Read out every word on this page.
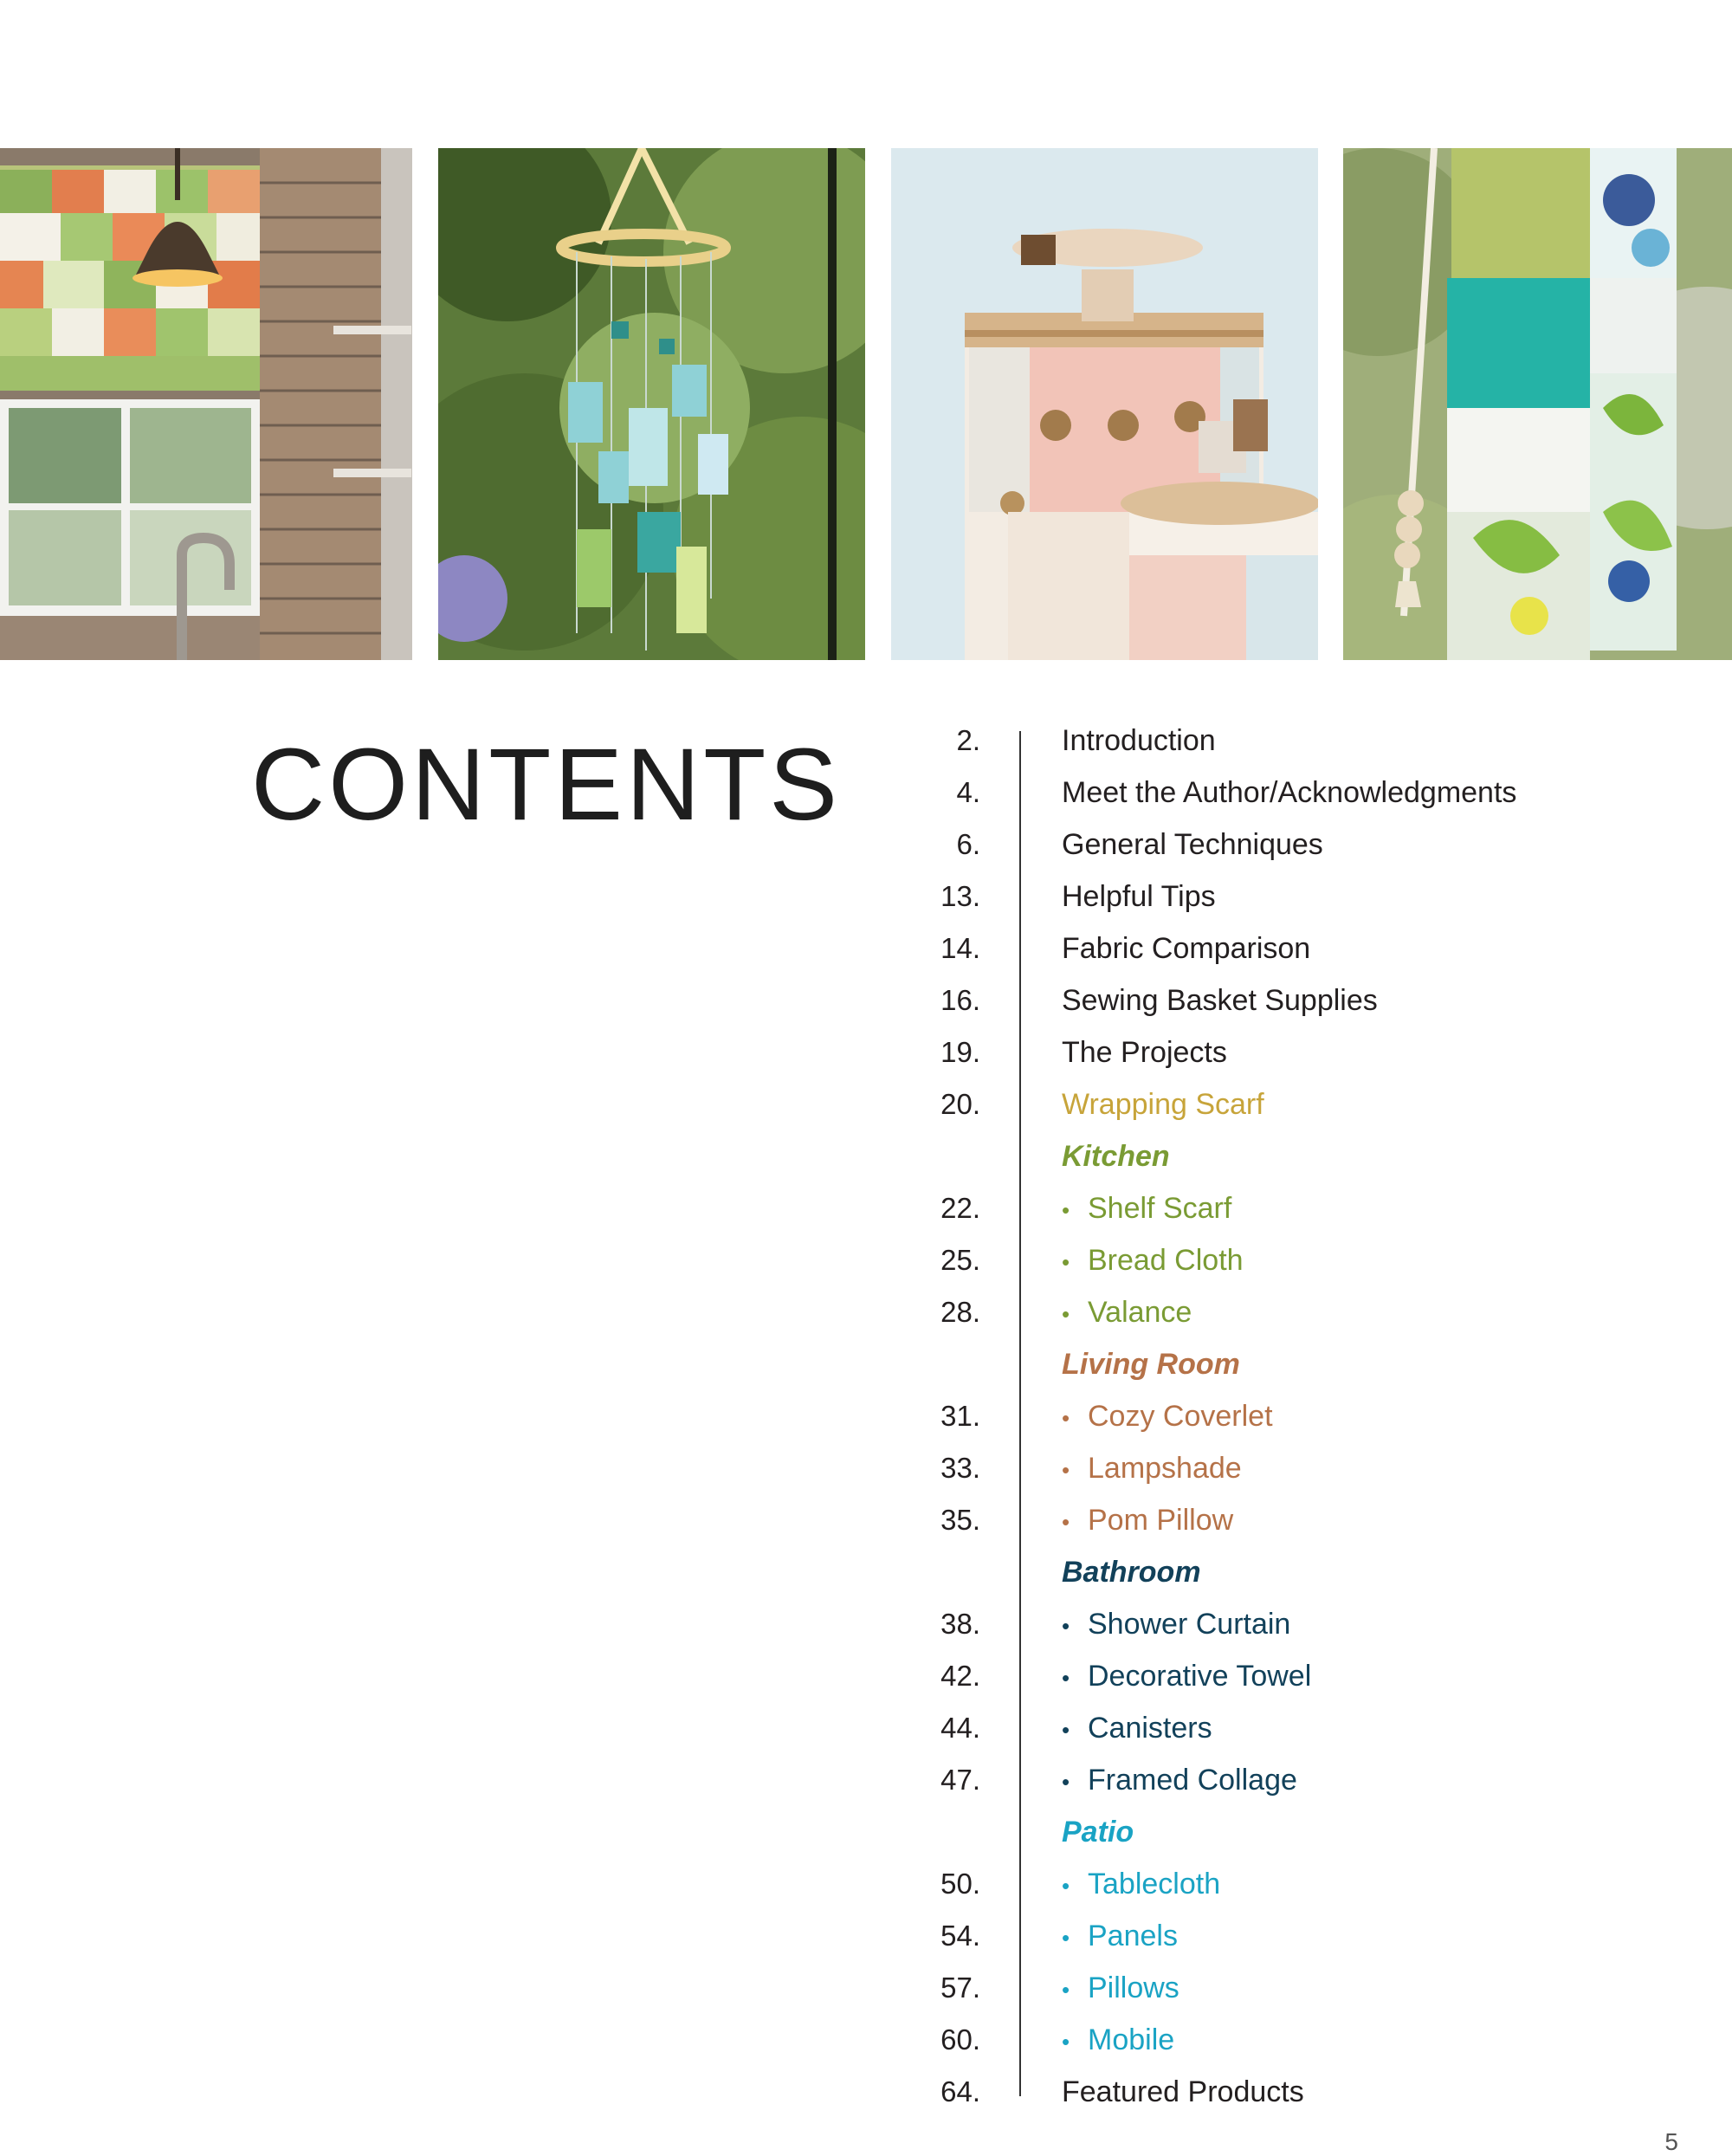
CONTENTS	2.	Introduction
4.	Meet the Author/Acknowledgments
6.	General Techniques
13.	Helpful Tips
14.	Fabric Comparison
16.	Sewing Basket Supplies
19.	The Projects
20.	Wrapping Scarf
Kitchen
22.	• Shelf Scarf
25.	• Bread Cloth
28.	• Valance
Living Room
31.	• Cozy Coverlet
33.	• Lampshade
35.	• Pom Pillow
Bathroom
38.	• Shower Curtain
42.	• Decorative Towel
44.	• Canisters
47.	• Framed Collage
Patio
50.	• Tablecloth
54.	• Panels
57.	• Pillows
60.	• Mobile
64.	Featured Products
5
